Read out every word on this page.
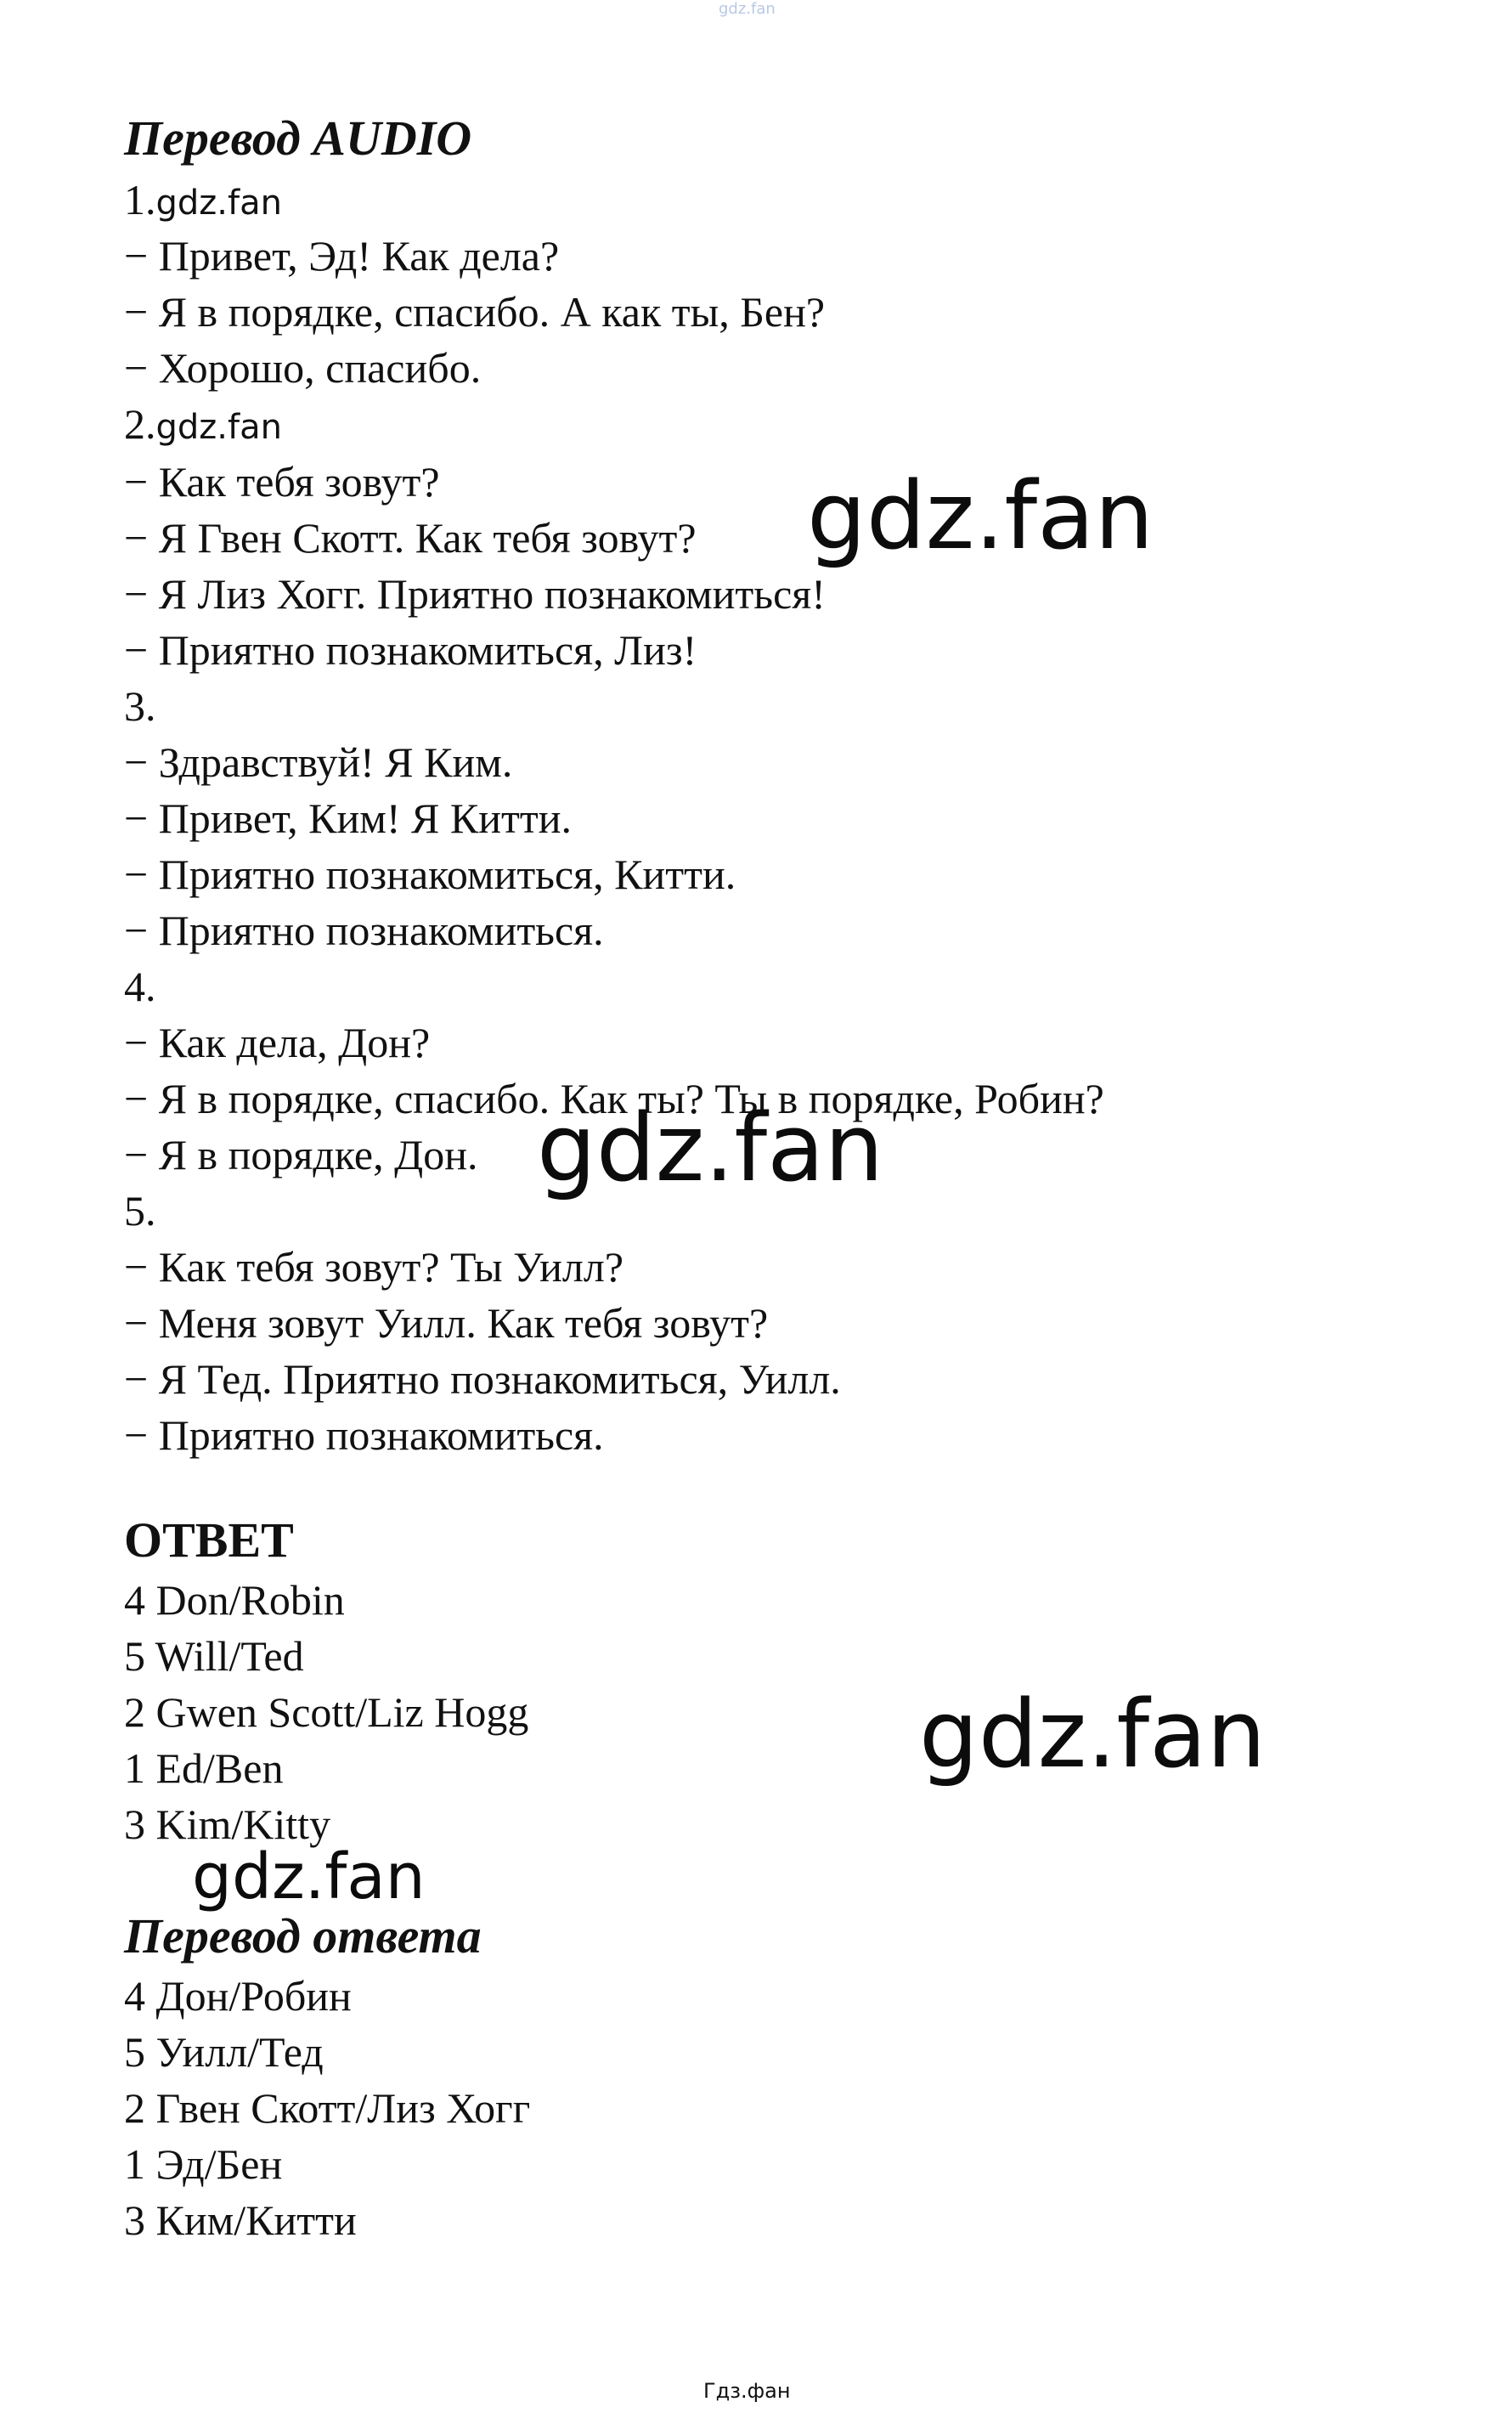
gdz.fan
Перевод AUDIO
1.gdz.fan
− Привет, Эд! Как дела?
− Я в порядке, спасибо. А как ты, Бен?
− Хорошо, спасибо.
2.gdz.fan
− Как тебя зовут?
− Я Гвен Скотт. Как тебя зовут?
− Я Лиз Хогг. Приятно познакомиться!
− Приятно познакомиться, Лиз!
3.
− Здравствуй! Я Ким.
− Привет, Ким! Я Китти.
− Приятно познакомиться, Китти.
− Приятно познакомиться.
4.
− Как дела, Дон?
− Я в порядке, спасибо. Как ты? Ты в порядке, Робин?
− Я в порядке, Дон.
5.
− Как тебя зовут? Ты Уилл?
− Меня зовут Уилл. Как тебя зовут?
− Я Тед. Приятно познакомиться, Уилл.
− Приятно познакомиться.
ОТВЕТ
4 Don/Robin
5 Will/Ted
2 Gwen Scott/Liz Hogg
1 Ed/Ben
3 Kim/Kitty
Перевод ответа
4 Дон/Робин
5 Уилл/Тед
2 Гвен Скотт/Лиз Хогг
1 Эд/Бен
3 Ким/Китти
gdz.fan
gdz.fan
gdz.fan
gdz.fan
Гдз.фан
